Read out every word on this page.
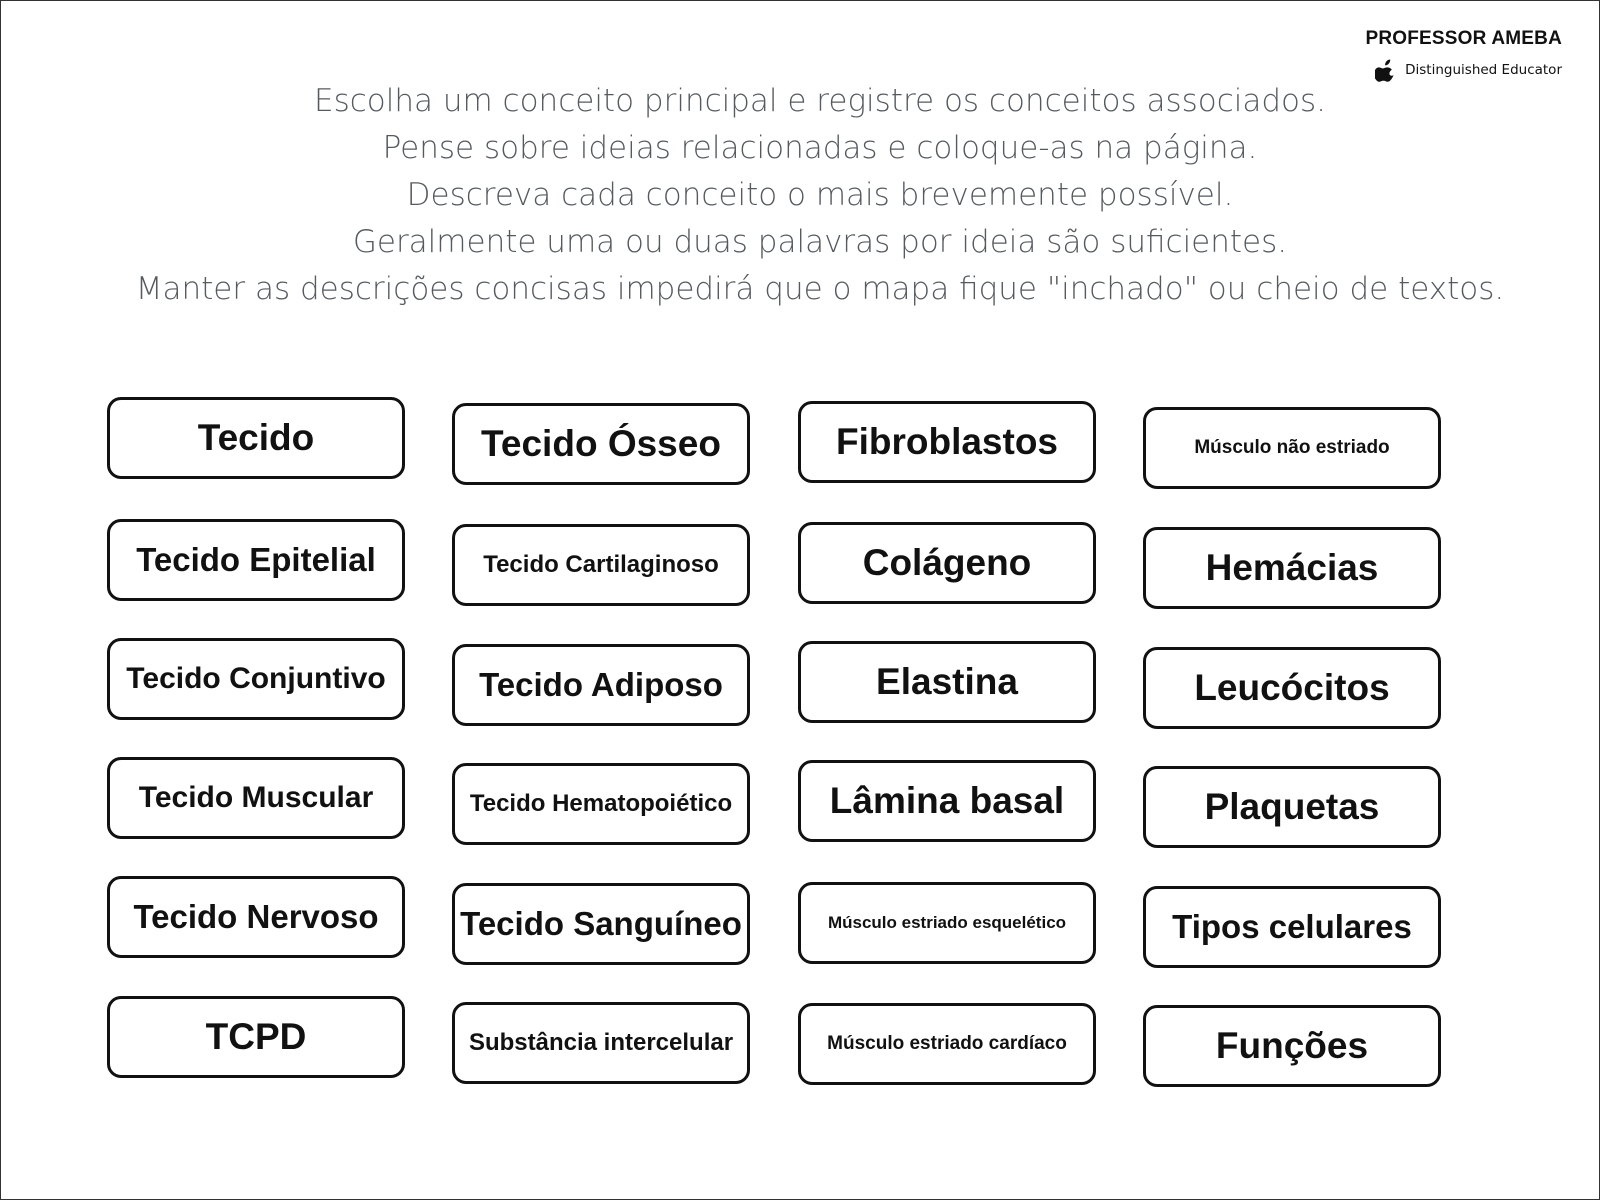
PROFESSOR AMEBA
Distinguished Educator
Escolha um conceito principal e registre os conceitos associados.
Pense sobre ideias relacionadas e coloque-as na página.
Descreva cada conceito o mais brevemente possível.
Geralmente uma ou duas palavras por ideia são suficientes.
Manter as descrições concisas impedirá que o mapa fique "inchado" ou cheio de textos.
Tecido
Tecido Epitelial
Tecido Conjuntivo
Tecido Muscular
Tecido Nervoso
TCPD
Tecido Ósseo
Tecido Cartilaginoso
Tecido Adiposo
Tecido Hematopoiético
Tecido Sanguíneo
Substância intercelular
Fibroblastos
Colágeno
Elastina
Lâmina basal
Músculo estriado esquelético
Músculo estriado cardíaco
Músculo não estriado
Hemácias
Leucócitos
Plaquetas
Tipos celulares
Funções
